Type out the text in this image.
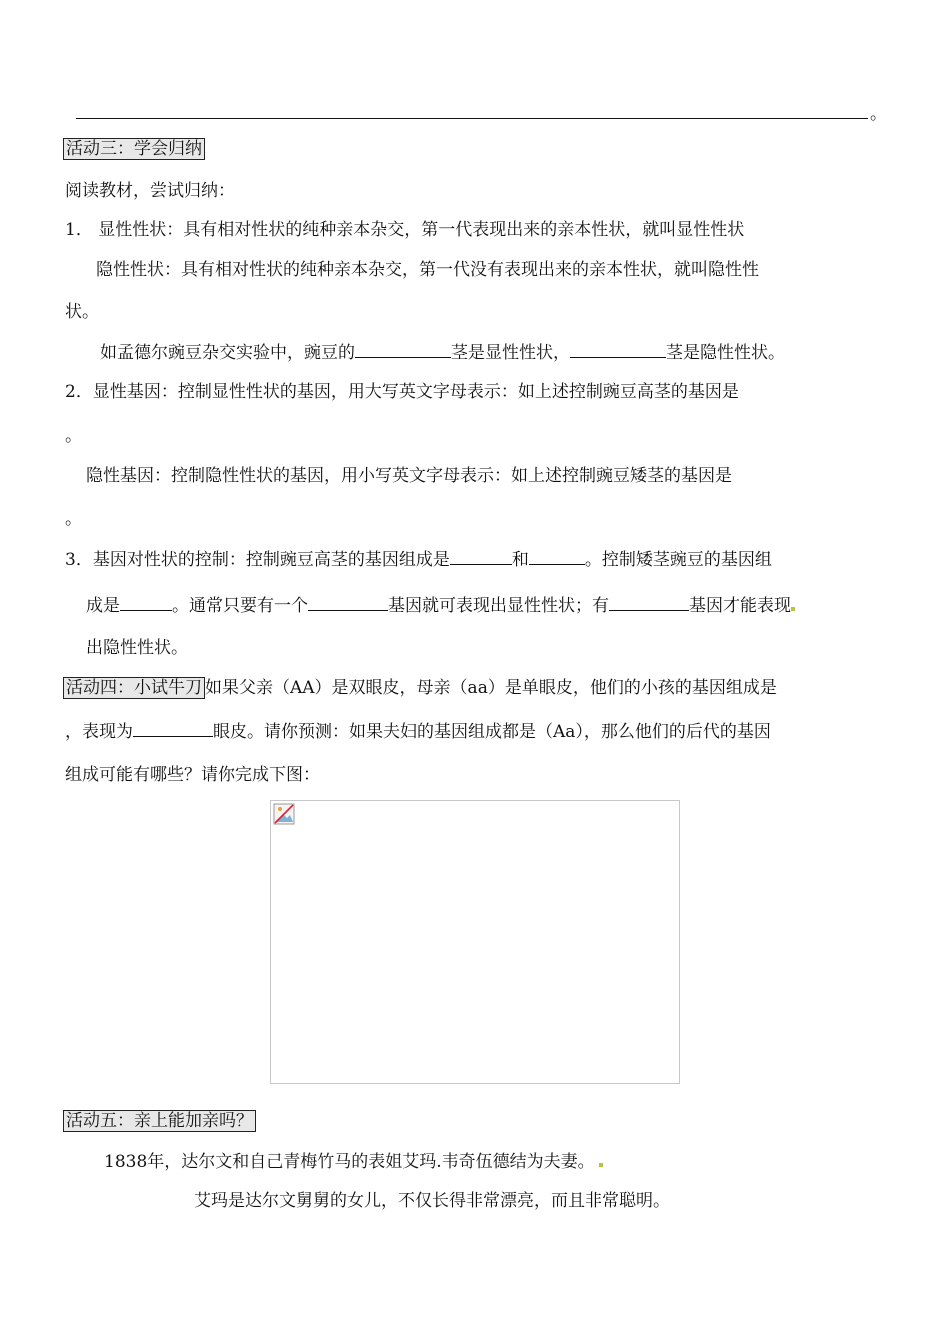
。
活动三：学会归纳
阅读教材，尝试归纳：
1． 显性性状：具有相对性状的纯种亲本杂交，第一代表现出来的亲本性状，就叫显性性状
隐性性状：具有相对性状的纯种亲本杂交，第一代没有表现出来的亲本性状，就叫隐性性
状。
如孟德尔豌豆杂交实验中，豌豆的	茎是显性性状，	茎是隐性性状。
2．显性基因：控制显性性状的基因，用大写英文字母表示：如上述控制豌豆高茎的基因是
。
隐性基因：控制隐性性状的基因，用小写英文字母表示：如上述控制豌豆矮茎的基因是
。
3．基因对性状的控制：控制豌豆高茎的基因组成是	和	。控制矮茎豌豆的基因组
成是	。通常只要有一个	基因就可表现出显性性状；有	基因才能表现
出隐性性状。
活动四：小试牛刀 如果父亲（AA）是双眼皮，母亲（aa）是单眼皮，他们的小孩的基因组成是
，表现为	眼皮。请你预测：如果夫妇的基因组成都是（Aa），那么他们的后代的基因
组成可能有哪些？请你完成下图：
活动五：亲上能加亲吗？
1838年，达尔文和自己青梅竹马的表姐艾玛.韦奇伍德结为夫妻。
艾玛是达尔文舅舅的女儿，不仅长得非常漂亮，而且非常聪明。
